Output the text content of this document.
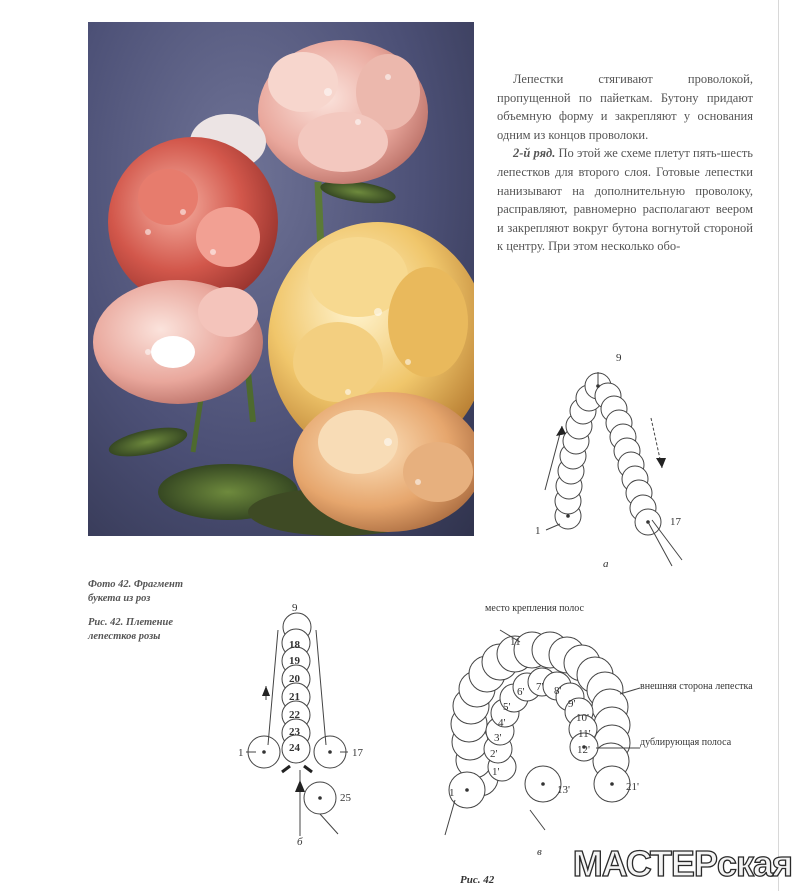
Лепестки стягивают проволокой, пропущенной по пайеткам. Бутону придают объемную форму и закрепляют у основания одним из концов проволоки.

2-й ряд. По этой же схеме плетут пять-шесть лепестков для второго слоя. Готовые лепестки нанизывают на дополнительную проволоку, расправляют, равномерно располагают веером и закрепляют вокруг бутона вогнутой стороной к центру. При этом несколько обо-

Фото 42. Фрагмент букета из роз

Рис. 42. Плетение лепестков розы

9
1
17
а
9
18
19
20
21
22
23
24
1	17
25
б
место крепления полос
внешняя сторона лепестка
дублирующая полоса
11
1	13'	21'
6' 7' 8'
9'
10'
11'
5'
4'
3'
2'
1'
12'
в
Рис. 42 МАСТЕРская
